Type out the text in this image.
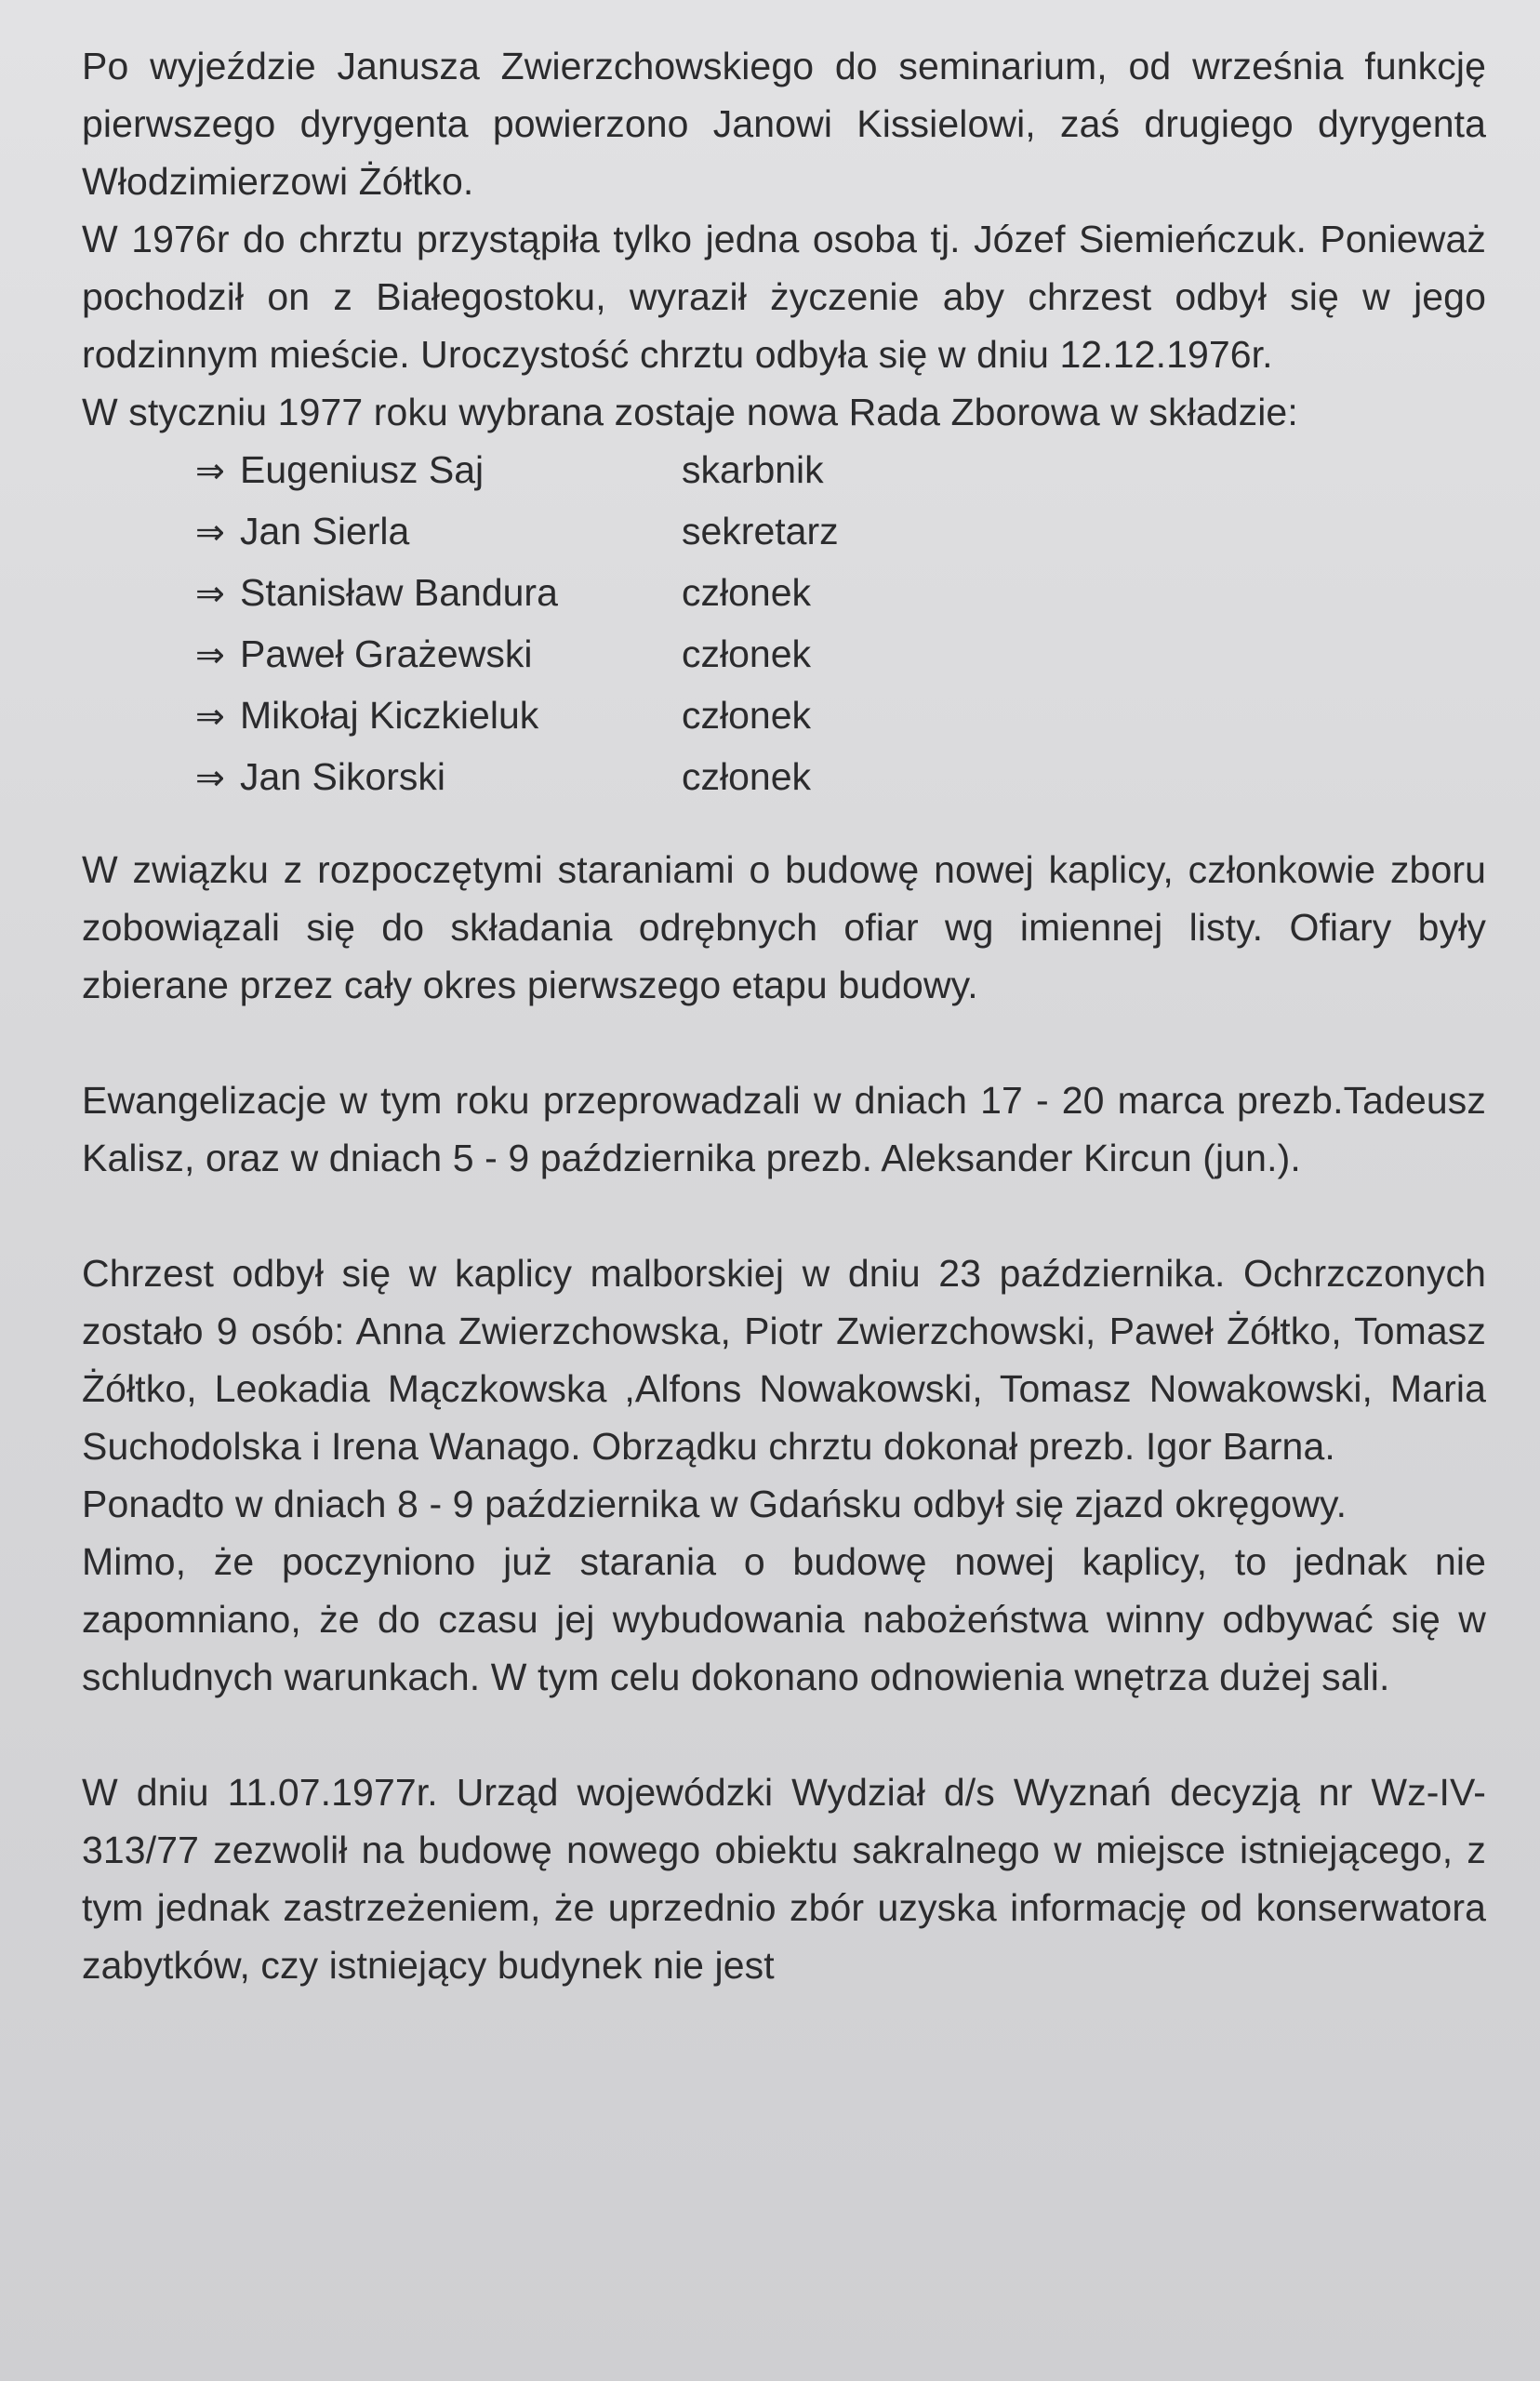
Po wyjeździe Janusza Zwierzchowskiego do seminarium, od września funkcję pierwszego dyrygenta powierzono Janowi Kissielowi, zaś drugiego dyrygenta Włodzimierzowi Żółtko.

W 1976r do chrztu przystąpiła tylko jedna osoba tj. Józef Siemieńczuk. Ponieważ pochodził on z Białegostoku, wyraził życzenie aby chrzest odbył się w jego rodzinnym mieście. Uroczystość chrztu odbyła się w dniu 12.12.1976r.

W styczniu 1977 roku wybrana zostaje nowa Rada Zborowa w składzie:

⇒ Eugeniusz Saj	skarbnik
⇒ Jan Sierla	sekretarz
⇒ Stanisław Bandura	członek
⇒ Paweł Grażewski	członek
⇒ Mikołaj Kiczkieluk	członek
⇒ Jan Sikorski	członek

W związku z rozpoczętymi staraniami o budowę nowej kaplicy, członkowie zboru zobowiązali się do składania odrębnych ofiar wg imiennej listy. Ofiary były zbierane przez cały okres pierwszego etapu budowy.

Ewangelizacje w tym roku przeprowadzali w dniach 17 - 20 marca prezb.Tadeusz Kalisz, oraz w dniach 5 - 9 października prezb. Aleksander Kircun (jun.).

Chrzest odbył się w kaplicy malborskiej w dniu 23 października. Ochrzczonych zostało 9 osób: Anna Zwierzchowska, Piotr Zwierzchowski, Paweł Żółtko, Tomasz Żółtko, Leokadia Mączkowska ,Alfons Nowakowski, Tomasz Nowakowski, Maria Suchodolska i Irena Wanago. Obrządku chrztu dokonał prezb. Igor Barna.

Ponadto w dniach 8 - 9 października w Gdańsku odbył się zjazd okręgowy.

Mimo, że poczyniono już starania o budowę nowej kaplicy, to jednak nie zapomniano, że do czasu jej wybudowania nabożeństwa winny odbywać się w schludnych warunkach. W tym celu dokonano odnowienia wnętrza dużej sali.

W dniu 11.07.1977r. Urząd wojewódzki Wydział d/s Wyznań decyzją nr Wz-IV-313/77 zezwolił na budowę nowego obiektu sakralnego w miejsce istniejącego, z tym jednak zastrzeżeniem, że uprzednio zbór uzyska informację od konserwatora zabytków, czy istniejący budynek nie jest
